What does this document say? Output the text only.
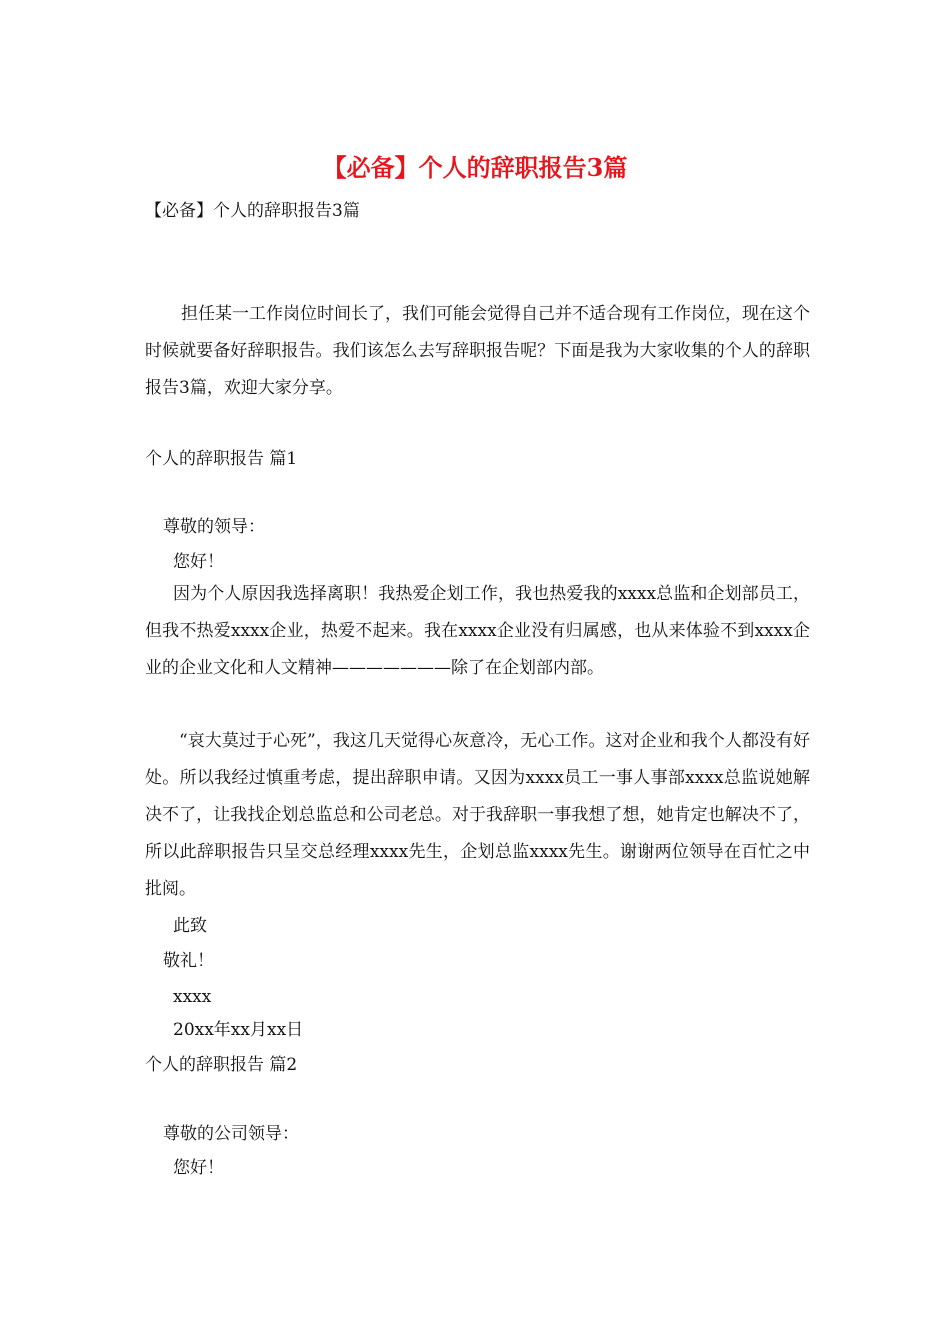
【必备】个人的辞职报告3篇

【必备】个人的辞职报告3篇

担任某一工作岗位时间长了，我们可能会觉得自己并不适合现有工作岗位，现在这个时候就要备好辞职报告。我们该怎么去写辞职报告呢？下面是我为大家收集的个人的辞职报告3篇，欢迎大家分享。

个人的辞职报告 篇1

尊敬的领导：

您好！

因为个人原因我选择离职！我热爱企划工作，我也热爱我的xxxx总监和企划部员工，但我不热爱xxxx企业，热爱不起来。我在xxxx企业没有归属感，也从来体验不到xxxx企业的企业文化和人文精神———————除了在企划部内部。

“哀大莫过于心死”，我这几天觉得心灰意冷，无心工作。这对企业和我个人都没有好处。所以我经过慎重考虑，提出辞职申请。又因为xxxx员工一事人事部xxxx总监说她解决不了，让我找企划总监总和公司老总。对于我辞职一事我想了想，她肯定也解决不了，所以此辞职报告只呈交总经理xxxx先生，企划总监xxxx先生。谢谢两位领导在百忙之中批阅。

此致

敬礼！

xxxx

20xx年xx月xx日

个人的辞职报告 篇2

尊敬的公司领导：

您好！
